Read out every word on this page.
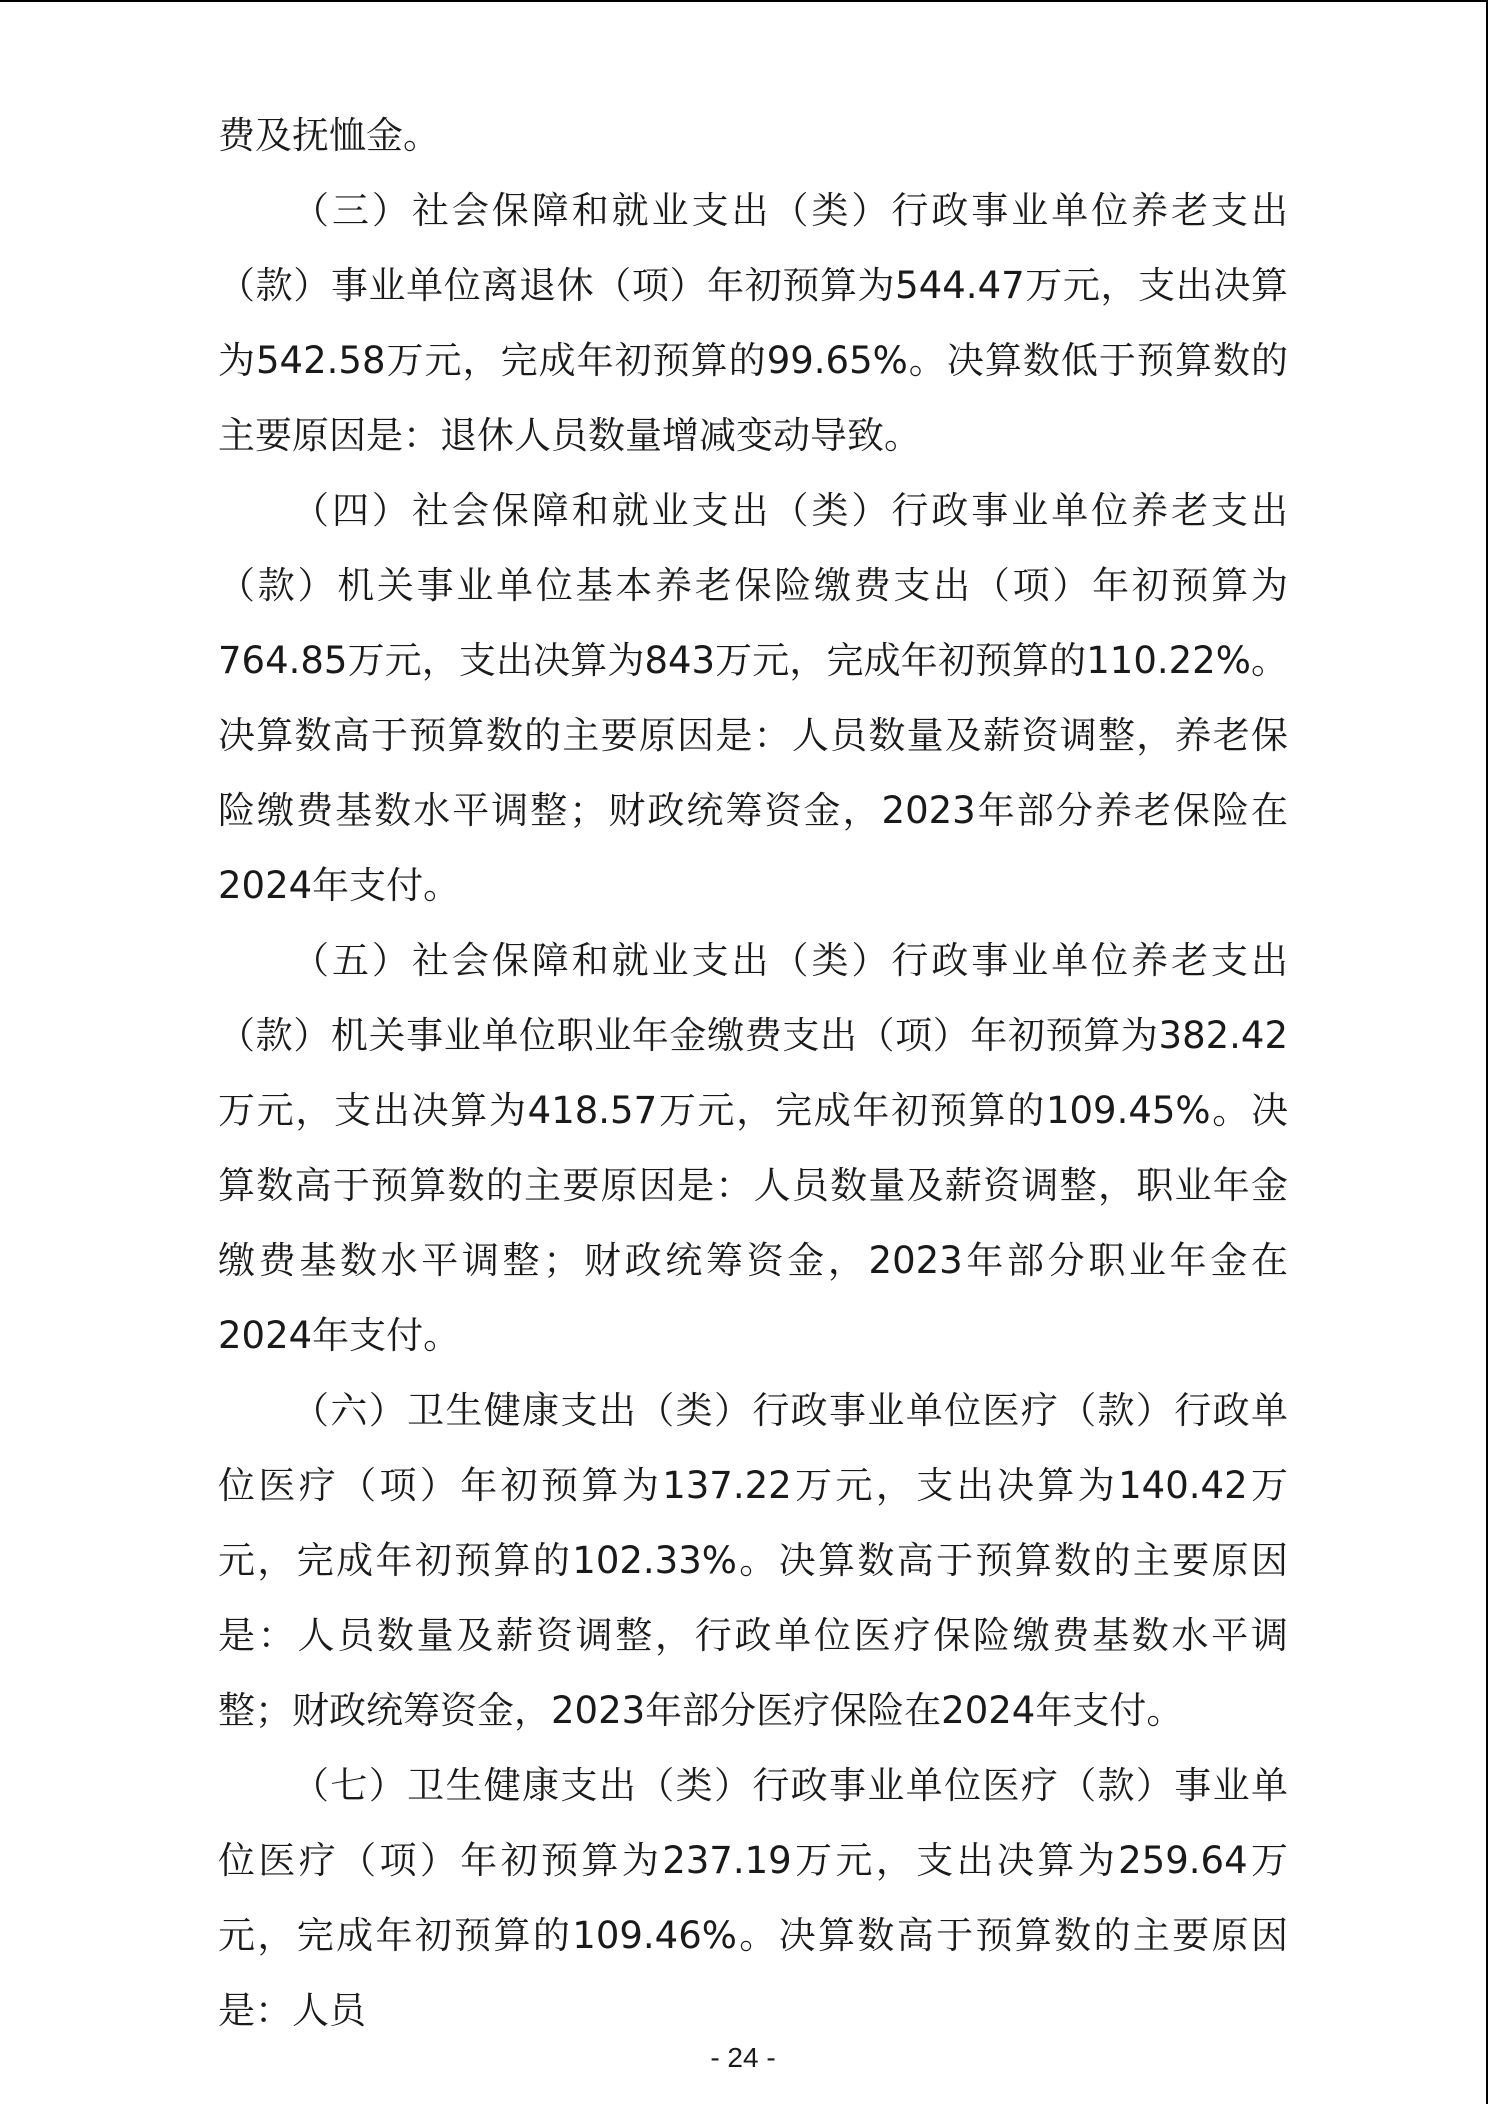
费及抚恤金。

（三）社会保障和就业支出（类）行政事业单位养老支出（款）事业单位离退休（项）年初预算为544.47万元，支出决算为542.58万元，完成年初预算的99.65%。决算数低于预算数的主要原因是：退休人员数量增减变动导致。

（四）社会保障和就业支出（类）行政事业单位养老支出（款）机关事业单位基本养老保险缴费支出（项）年初预算为764.85万元，支出决算为843万元，完成年初预算的110.22%。决算数高于预算数的主要原因是：人员数量及薪资调整，养老保险缴费基数水平调整；财政统筹资金，2023年部分养老保险在2024年支付。

（五）社会保障和就业支出（类）行政事业单位养老支出（款）机关事业单位职业年金缴费支出（项）年初预算为382.42万元，支出决算为418.57万元，完成年初预算的109.45%。决算数高于预算数的主要原因是：人员数量及薪资调整，职业年金缴费基数水平调整；财政统筹资金，2023年部分职业年金在2024年支付。

（六）卫生健康支出（类）行政事业单位医疗（款）行政单位医疗（项）年初预算为137.22万元，支出决算为140.42万元，完成年初预算的102.33%。决算数高于预算数的主要原因是：人员数量及薪资调整，行政单位医疗保险缴费基数水平调整；财政统筹资金，2023年部分医疗保险在2024年支付。

（七）卫生健康支出（类）行政事业单位医疗（款）事业单位医疗（项）年初预算为237.19万元，支出决算为259.64万元，完成年初预算的109.46%。决算数高于预算数的主要原因是：人员

- 24 -
